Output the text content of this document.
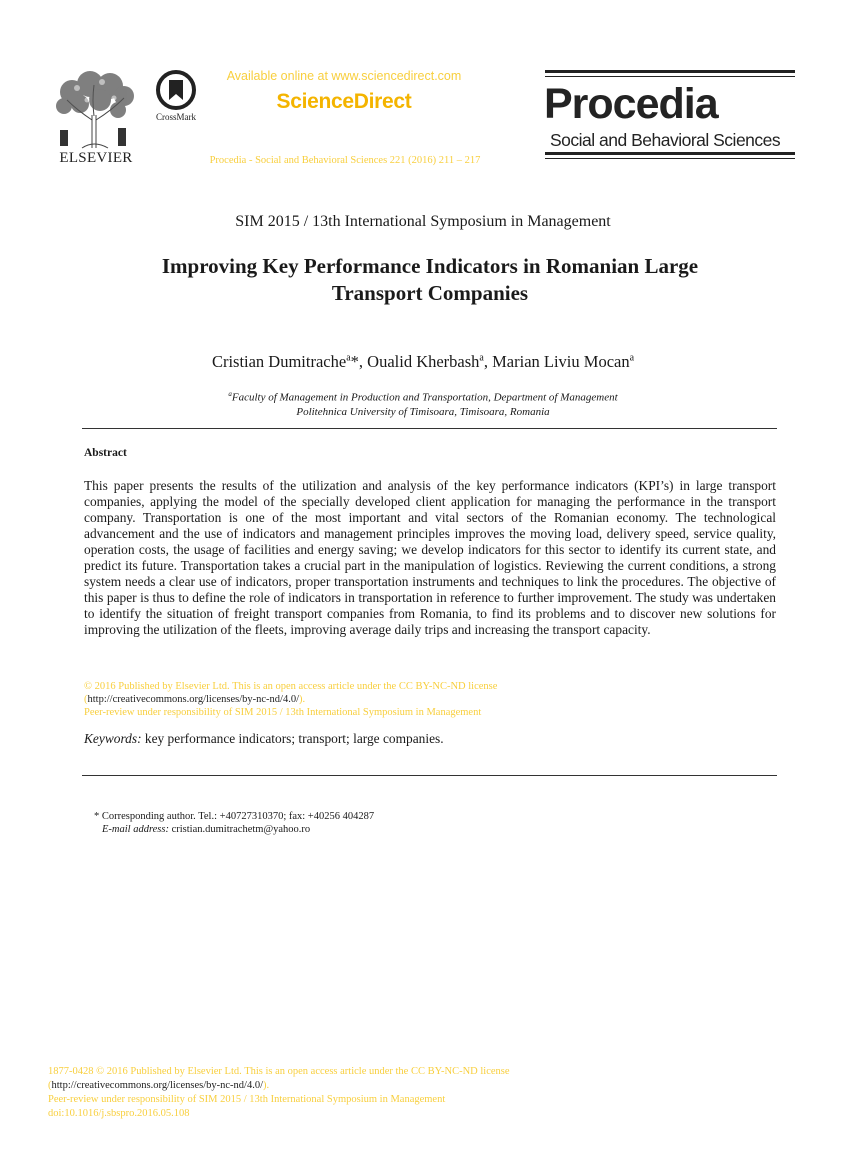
ELSEVIER
CrossMark
Available online at www.sciencedirect.com
ScienceDirect
Procedia - Social and Behavioral Sciences 221 (2016) 211 – 217
Procedia
Social and Behavioral Sciences
SIM 2015 / 13th International Symposium in Management
Improving Key Performance Indicators in Romanian Large
Transport Companies
Cristian Dumitrache$^a$*, Oualid Kherbash$^a$, Marian Liviu Mocan$^a$
$^a$Faculty of Management in Production and Transportation, Department of Management
Politehnica University of Timisoara, Timisoara, Romania
Abstract
This paper presents the results of the utilization and analysis of the key performance indicators (KPI’s) in large transport companies, applying the model of the specially developed client application for managing the performance in the transport company. Transportation is one of the most important and vital sectors of the Romanian economy. The technological advancement and the use of indicators and management principles improves the moving load, delivery speed, service quality, operation costs, the usage of facilities and energy saving; we develop indicators for this sector to identify its current state, and predict its future. Transportation takes a crucial part in the manipulation of logistics. Reviewing the current conditions, a strong system needs a clear use of indicators, proper transportation instruments and techniques to link the procedures. The objective of this paper is thus to define the role of indicators in transportation in reference to further improvement. The study was undertaken to identify the situation of freight transport companies from Romania, to find its problems and to discover new solutions for improving the utilization of the fleets, improving average daily trips and increasing the transport capacity.
© 2016 Published by Elsevier Ltd. This is an open access article under the CC BY-NC-ND license
(http://creativecommons.org/licenses/by-nc-nd/4.0/).
Peer-review under responsibility of SIM 2015 / 13th International Symposium in Management
Keywords: key performance indicators; transport; large companies.
* Corresponding author. Tel.: +40727310370; fax: +40256 404287
E-mail address: cristian.dumitrachetm@yahoo.ro
1877-0428 © 2016 Published by Elsevier Ltd. This is an open access article under the CC BY-NC-ND license
(http://creativecommons.org/licenses/by-nc-nd/4.0/).
Peer-review under responsibility of SIM 2015 / 13th International Symposium in Management
doi:10.1016/j.sbspro.2016.05.108
